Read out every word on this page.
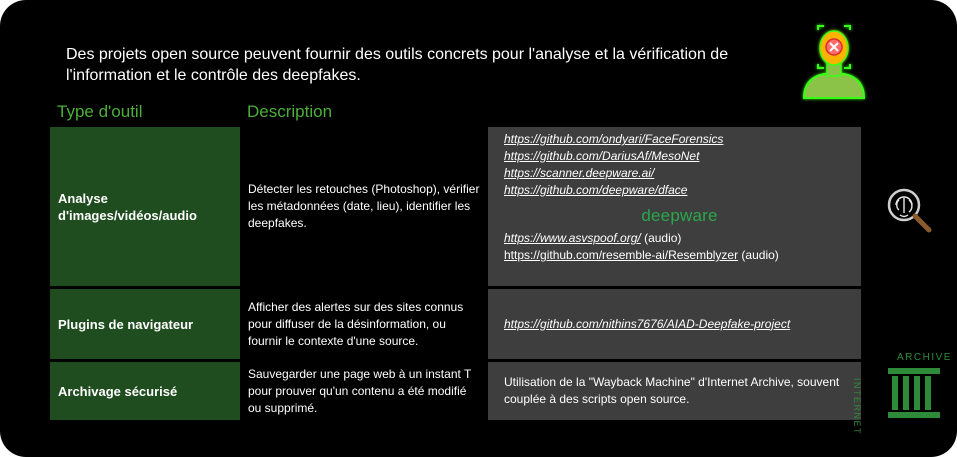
Des projets open source peuvent fournir des outils concrets pour l'analyse et la vérification de l'information et le contrôle des deepfakes.
Type d'outil	Description
Analyse d'images/vidéos/audio
Détecter les retouches (Photoshop), vérifier les métadonnées (date, lieu), identifier les deepfakes.
https://github.com/ondyari/FaceForensics
https://github.com/DariusAf/MesoNet
https://scanner.deepware.ai/
https://github.com/deepware/dface
deepware
https://www.asvspoof.org/ (audio)
https://github.com/resemble-ai/Resemblyzer (audio)
Plugins de navigateur
Afficher des alertes sur des sites connus pour diffuser de la désinformation, ou fournir le contexte d'une source.
https://github.com/nithins7676/AIAD-Deepfake-project
Archivage sécurisé
Sauvegarder une page web à un instant T pour prouver qu'un contenu a été modifié ou supprimé.
Utilisation de la "Wayback Machine" d'Internet Archive, souvent couplée à des scripts open source.
ARCHIVE
INTERNET
